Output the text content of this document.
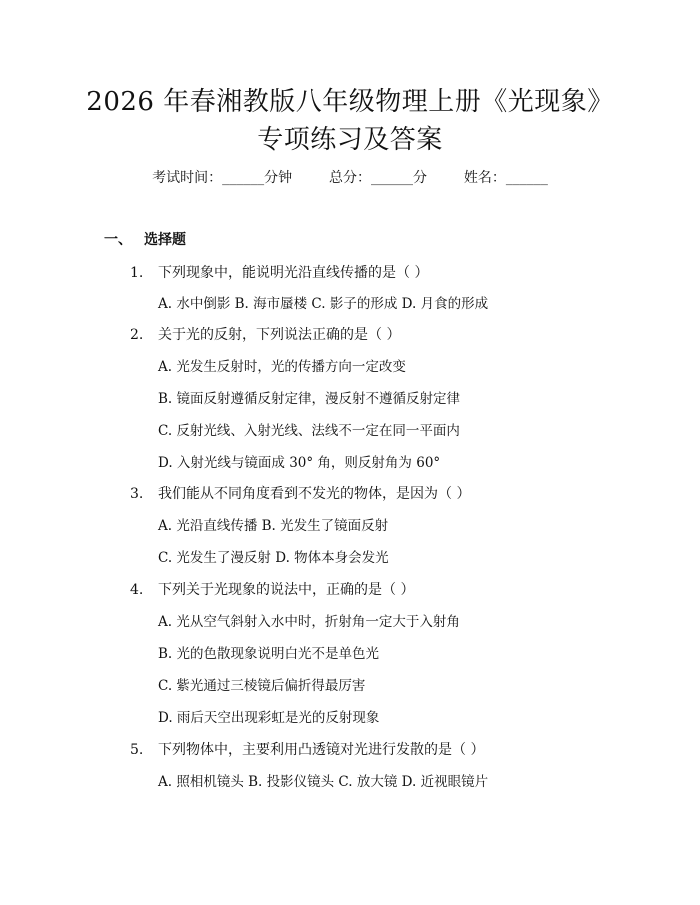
2026 年春湘教版八年级物理上册《光现象》
专项练习及答案
考试时间：______分钟	总分：______分	姓名：______
一、 选择题
1. 下列现象中，能说明光沿直线传播的是（ ）
A. 水中倒影 B. 海市蜃楼 C. 影子的形成 D. 月食的形成
2. 关于光的反射，下列说法正确的是（ ）
A. 光发生反射时，光的传播方向一定改变
B. 镜面反射遵循反射定律，漫反射不遵循反射定律
C. 反射光线、入射光线、法线不一定在同一平面内
D. 入射光线与镜面成 30° 角，则反射角为 60°
3. 我们能从不同角度看到不发光的物体，是因为（ ）
A. 光沿直线传播 B. 光发生了镜面反射
C. 光发生了漫反射 D. 物体本身会发光
4. 下列关于光现象的说法中，正确的是（ ）
A. 光从空气斜射入水中时，折射角一定大于入射角
B. 光的色散现象说明白光不是单色光
C. 紫光通过三棱镜后偏折得最厉害
D. 雨后天空出现彩虹是光的反射现象
5. 下列物体中，主要利用凸透镜对光进行发散的是（ ）
A. 照相机镜头 B. 投影仪镜头 C. 放大镜 D. 近视眼镜片
